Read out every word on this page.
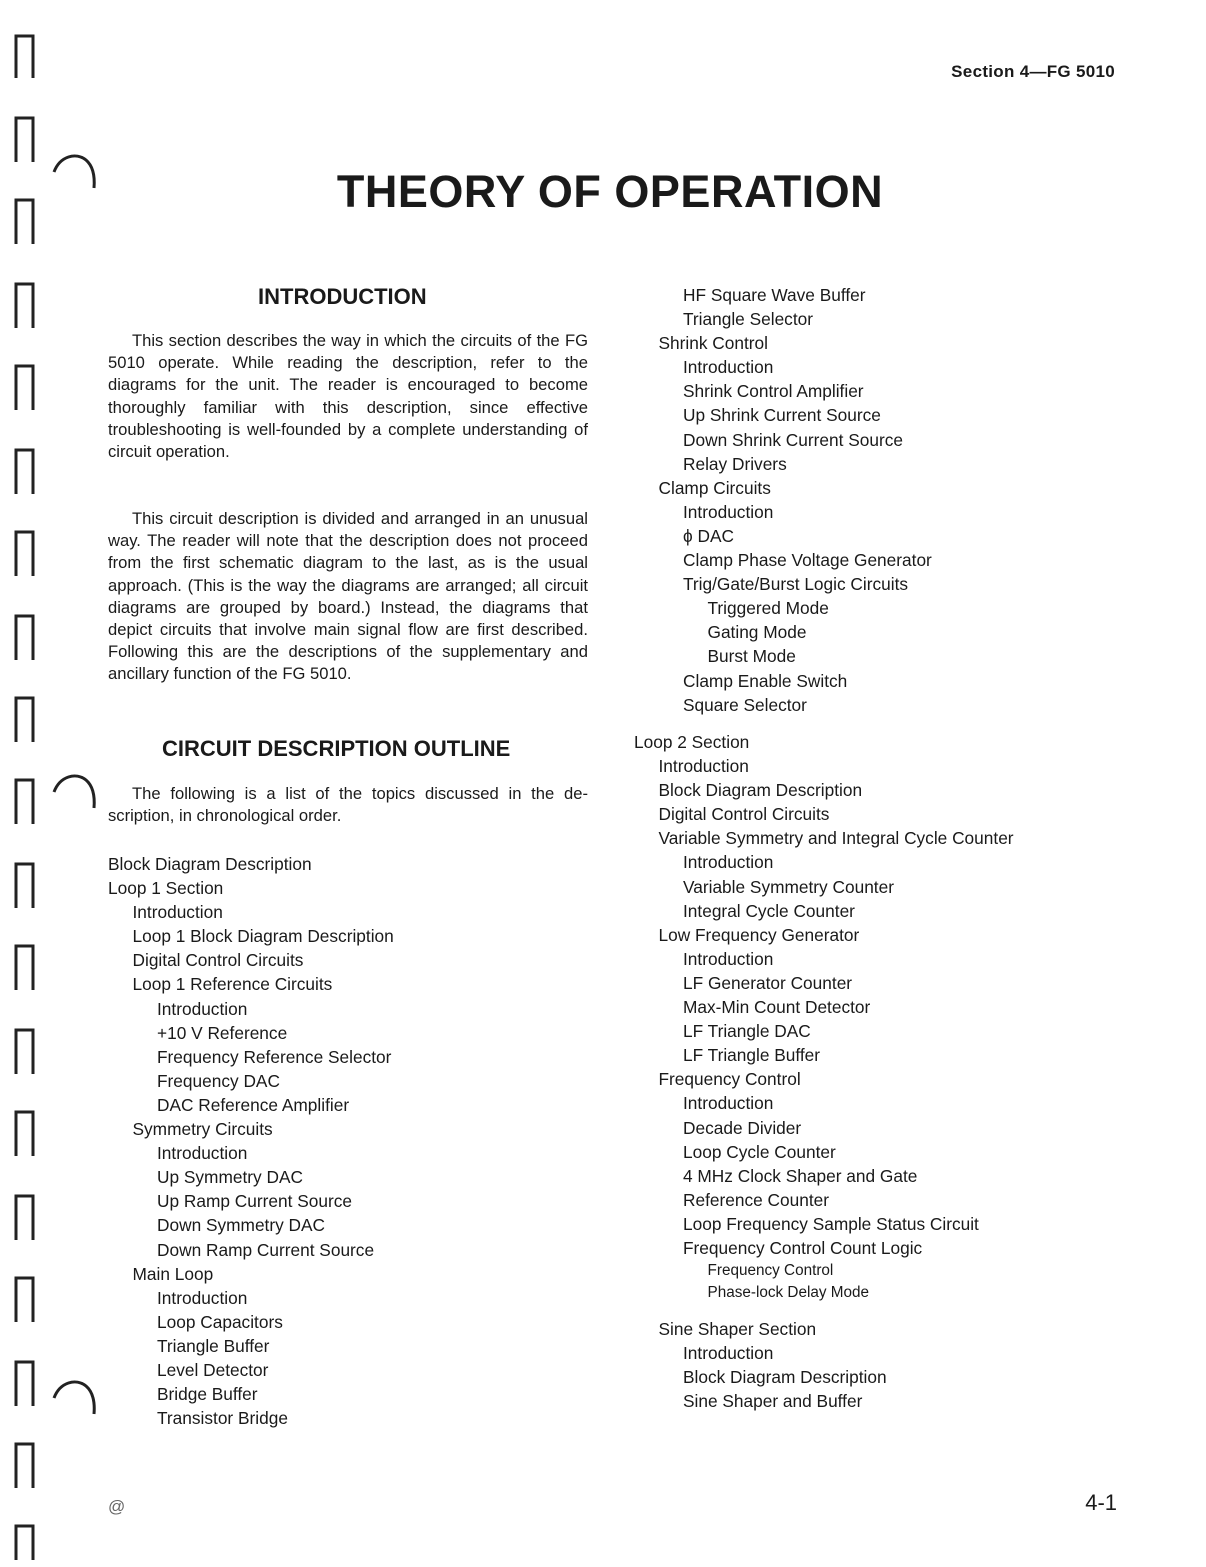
Section 4—FG 5010
THEORY OF OPERATION
INTRODUCTION

This section describes the way in which the circuits of the FG 5010 operate. While reading the description, refer to the diagrams for the unit. The reader is encouraged to become thoroughly familiar with this description, since effective troubleshooting is well-founded by a complete understanding of circuit operation.

This circuit description is divided and arranged in an unusual way. The reader will note that the description does not proceed from the first schematic diagram to the last, as is the usual approach. (This is the way the diagrams are arranged; all circuit diagrams are grouped by board.) Instead, the diagrams that depict circuits that involve main signal flow are first described. Following this are the descriptions of the supplementary and ancillary function of the FG 5010.

CIRCUIT DESCRIPTION OUTLINE

The following is a list of the topics discussed in the description, in chronological order.

Block Diagram Description
Loop 1 Section
Introduction
Loop 1 Block Diagram Description
Digital Control Circuits
Loop 1 Reference Circuits
Introduction
+10 V Reference
Frequency Reference Selector
Frequency DAC
DAC Reference Amplifier
Symmetry Circuits
Introduction
Up Symmetry DAC
Up Ramp Current Source
Down Symmetry DAC
Down Ramp Current Source
Main Loop
Introduction
Loop Capacitors
Triangle Buffer
Level Detector
Bridge Buffer
Transistor Bridge
HF Square Wave Buffer
Triangle Selector
Shrink Control
Introduction
Shrink Control Amplifier
Up Shrink Current Source
Down Shrink Current Source
Relay Drivers
Clamp Circuits
Introduction
ϕ DAC
Clamp Phase Voltage Generator
Trig/Gate/Burst Logic Circuits
Triggered Mode
Gating Mode
Burst Mode
Clamp Enable Switch
Square Selector
Loop 2 Section
Introduction
Block Diagram Description
Digital Control Circuits
Variable Symmetry and Integral Cycle Counter
Introduction
Variable Symmetry Counter
Integral Cycle Counter
Low Frequency Generator
Introduction
LF Generator Counter
Max-Min Count Detector
LF Triangle DAC
LF Triangle Buffer
Frequency Control
Introduction
Decade Divider
Loop Cycle Counter
4 MHz Clock Shaper and Gate
Reference Counter
Loop Frequency Sample Status Circuit
Frequency Control Count Logic
Frequency Control
Phase-lock Delay Mode
Sine Shaper Section
Introduction
Block Diagram Description
Sine Shaper and Buffer
@	4-1
